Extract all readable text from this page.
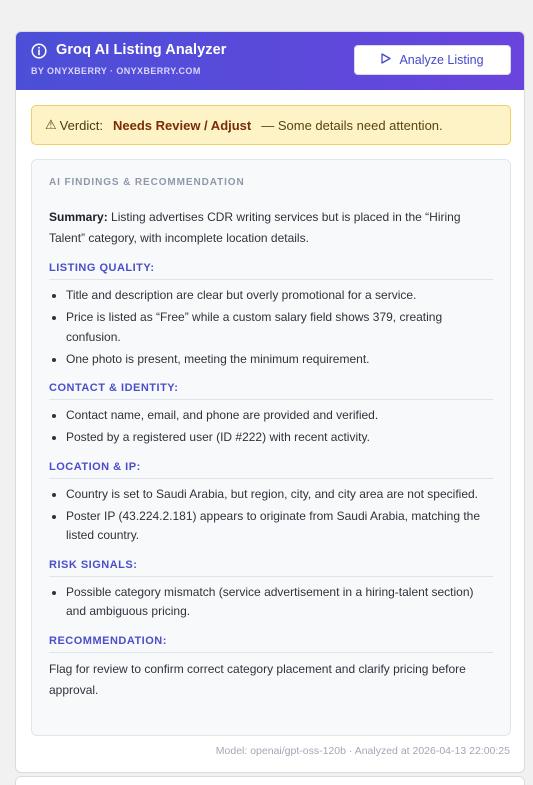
Groq AI Listing Analyzer
BY ONYXBERRY · ONYXBERRY.COM
Analyze Listing
⚠ Verdict: Needs Review / Adjust — Some details need attention.
AI FINDINGS & RECOMMENDATION

Summary: Listing advertises CDR writing services but is placed in the “Hiring Talent” category, with incomplete location details.

LISTING QUALITY:
Title and description are clear but overly promotional for a service.
Price is listed as “Free” while a custom salary field shows 379, creating confusion.
One photo is present, meeting the minimum requirement.
CONTACT & IDENTITY:
Contact name, email, and phone are provided and verified.
Posted by a registered user (ID #222) with recent activity.
LOCATION & IP:
Country is set to Saudi Arabia, but region, city, and city area are not specified.
Poster IP (43.224.2.181) appears to originate from Saudi Arabia, matching the listed country.
RISK SIGNALS:
Possible category mismatch (service advertisement in a hiring-talent section) and ambiguous pricing.
RECOMMENDATION:

Flag for review to confirm correct category placement and clarify pricing before approval.

Model: openai/gpt-oss-120b · Analyzed at 2026-04-13 22:00:25
